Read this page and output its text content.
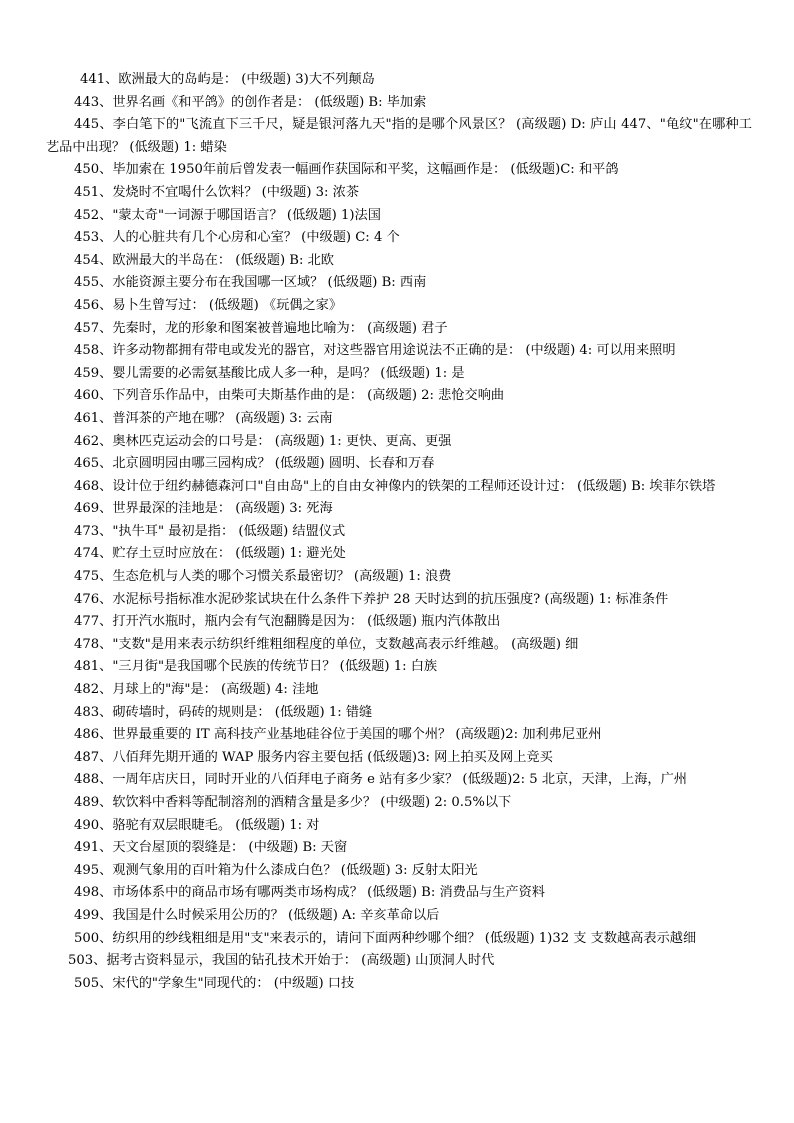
441、欧洲最大的岛屿是： (中级题) 3)大不列颠岛
443、世界名画《和平鸽》的创作者是： (低级题) B: 毕加索
445、李白笔下的"飞流直下三千尺，疑是银河落九天"指的是哪个风景区？ (高级题) D: 庐山 447、"龟纹"在哪种工艺品中出现？ (低级题) 1: 蜡染
450、毕加索在 1950年前后曾发表一幅画作获国际和平奖，这幅画作是： (低级题)C: 和平鸽
451、发烧时不宜喝什么饮料？ (中级题) 3: 浓茶
452、"蒙太奇"一词源于哪国语言？ (低级题) 1)法国
453、人的心脏共有几个心房和心室？ (中级题) C: 4 个
454、欧洲最大的半岛在： (低级题) B: 北欧
455、水能资源主要分布在我国哪一区域？ (低级题) B: 西南
456、易卜生曾写过： (低级题) 《玩偶之家》
457、先秦时，龙的形象和图案被普遍地比喻为： (高级题) 君子
458、许多动物都拥有带电或发光的器官，对这些器官用途说法不正确的是： (中级题) 4: 可以用来照明
459、婴儿需要的必需氨基酸比成人多一种，是吗？ (低级题) 1: 是
460、下列音乐作品中，由柴可夫斯基作曲的是： (高级题) 2: 悲怆交响曲
461、普洱茶的产地在哪？ (高级题) 3: 云南
462、奥林匹克运动会的口号是： (高级题) 1: 更快、更高、更强
465、北京圆明园由哪三园构成？ (低级题) 圆明、长春和万春
468、设计位于纽约赫德森河口"自由岛"上的自由女神像内的铁架的工程师还设计过： (低级题) B: 埃菲尔铁塔
469、世界最深的洼地是： (高级题) 3: 死海
473、"执牛耳" 最初是指： (低级题) 结盟仪式
474、贮存土豆时应放在： (低级题) 1: 避光处
475、生态危机与人类的哪个习惯关系最密切？ (高级题) 1: 浪费
476、水泥标号指标准水泥砂浆试块在什么条件下养护 28 天时达到的抗压强度? (高级题) 1: 标准条件
477、打开汽水瓶时，瓶内会有气泡翻腾是因为： (低级题) 瓶内汽体散出
478、"支数"是用来表示纺织纤维粗细程度的单位，支数越高表示纤维越。 (高级题) 细
481、"三月街"是我国哪个民族的传统节日？ (低级题) 1: 白族
482、月球上的"海"是： (高级题) 4: 洼地
483、砌砖墙时，码砖的规则是： (低级题) 1: 错缝
486、世界最重要的 IT 高科技产业基地硅谷位于美国的哪个州？ (高级题)2: 加利弗尼亚州
487、八佰拜先期开通的 WAP 服务内容主要包括 (低级题)3: 网上拍买及网上竞买
488、一周年店庆日，同时开业的八佰拜电子商务 e 站有多少家？ (低级题)2: 5 北京，天津，上海，广州
489、软饮料中香料等配制溶剂的酒精含量是多少？ (中级题) 2: 0.5%以下
490、骆驼有双层眼睫毛。 (低级题) 1: 对
491、天文台屋顶的裂缝是： (中级题) B: 天窗
495、观测气象用的百叶箱为什么漆成白色？ (低级题) 3: 反射太阳光
498、市场体系中的商品市场有哪两类市场构成？ (低级题) B: 消费品与生产资料
499、我国是什么时候采用公历的？ (低级题) A: 辛亥革命以后
500、纺织用的纱线粗细是用"支"来表示的，请问下面两种纱哪个细？ (低级题) 1)32 支 支数越高表示越细
503、据考古资料显示，我国的钻孔技术开始于： (高级题) 山顶洞人时代
505、宋代的"学象生"同现代的： (中级题) 口技
